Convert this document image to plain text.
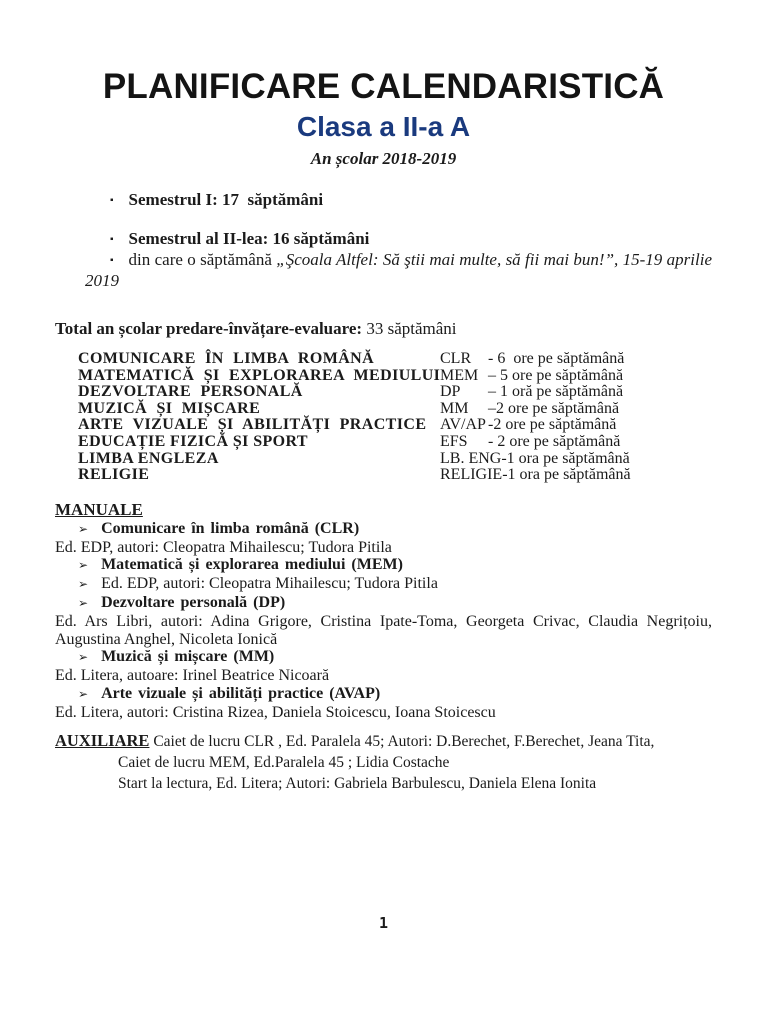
PLANIFICARE CALENDARISTICĂ
Clasa a II-a A
An școlar 2018-2019
▪ Semestrul I: 17  săptămâni
▪ Semestrul al II-lea: 16 săptămâni
▪ din care o săptămână „Şcoala Altfel: Să ştii mai multe, să fii mai bun!”, 15-19 aprilie 2019
Total an școlar predare-învățare-evaluare: 33 săptămâni
COMUNICARE ÎN LIMBA ROMÂNĂ	CLR - 6  ore pe săptămână
MATEMATICĂ ȘI EXPLORAREA MEDIULUI MEM – 5 ore pe săptămână
DEZVOLTARE PERSONALĂ	DP – 1 oră pe săptămână
MUZICĂ ȘI MIȘCARE	MM –2 ore pe săptămână
ARTE VIZUALE ȘI ABILITĂȚI PRACTICE AV/AP -2 ore pe săptămână
EDUCAȚIE FIZICĂ ȘI SPORT	EFS - 2 ore pe săptămână
LIMBA ENGLEZA	LB. ENG-1 ora pe săptămână
RELIGIE	RELIGIE-1 ora pe săptămână
MANUALE
➢ Comunicare în limba română (CLR)
Ed. EDP, autori: Cleopatra Mihailescu; Tudora Pitila
➢ Matematică și explorarea mediului (MEM)
➢ Ed. EDP, autori: Cleopatra Mihailescu; Tudora Pitila
➢ Dezvoltare personală (DP)
Ed. Ars Libri, autori: Adina Grigore, Cristina Ipate-Toma, Georgeta Crivac, Claudia Negrițoiu, Augustina Anghel, Nicoleta Ionică
➢ Muzică și mișcare (MM)
Ed. Litera, autoare: Irinel Beatrice Nicoară
➢ Arte vizuale și abilități practice (AVAP)
Ed. Litera, autori: Cristina Rizea, Daniela Stoicescu, Ioana Stoicescu
AUXILIARE Caiet de lucru CLR , Ed. Paralela 45; Autori: D.Berechet, F.Berechet, Jeana Tita,
Caiet de lucru MEM, Ed.Paralela 45 ; Lidia Costache
Start la lectura, Ed. Litera; Autori: Gabriela Barbulescu, Daniela Elena Ionita
1
